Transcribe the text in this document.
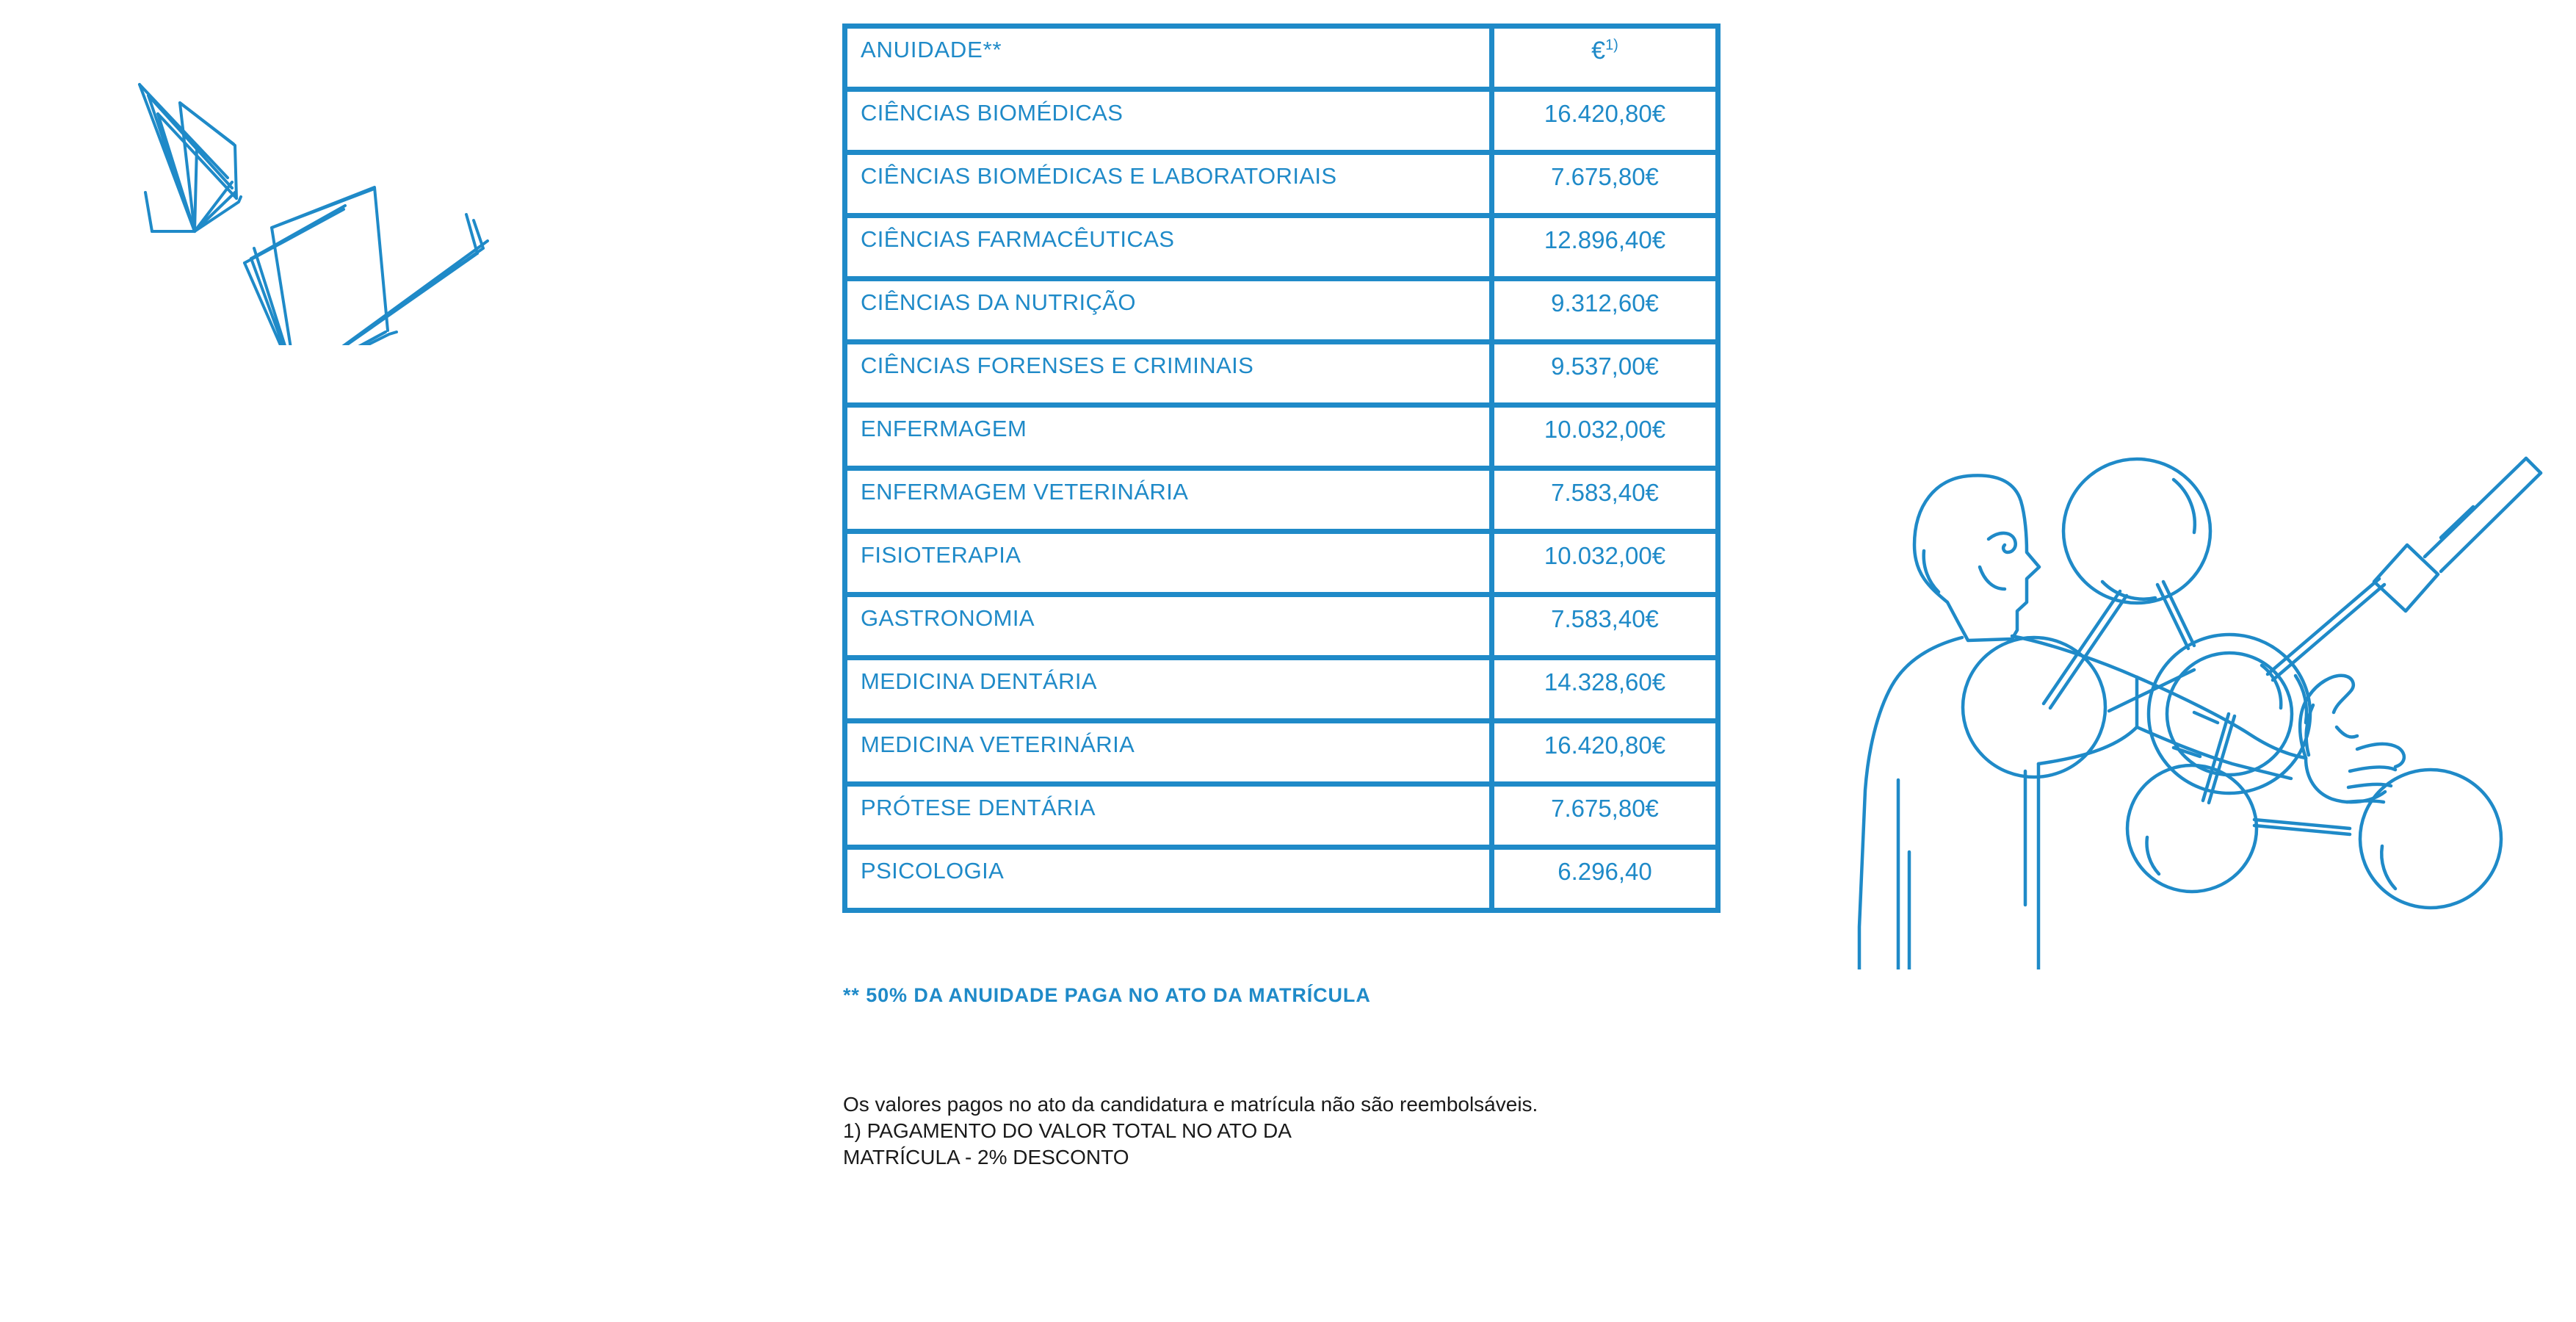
ANUIDADE**	€$^{1)}$
CIÊNCIAS BIOMÉDICAS	16.420,80€
CIÊNCIAS BIOMÉDICAS E LABORATORIAIS	7.675,80€
CIÊNCIAS FARMACÊUTICAS	12.896,40€
CIÊNCIAS DA NUTRIÇÃO	9.312,60€
CIÊNCIAS FORENSES E CRIMINAIS	9.537,00€
ENFERMAGEM	10.032,00€
ENFERMAGEM VETERINÁRIA	7.583,40€
FISIOTERAPIA	10.032,00€
GASTRONOMIA	7.583,40€
MEDICINA DENTÁRIA	14.328,60€
MEDICINA VETERINÁRIA	16.420,80€
PRÓTESE DENTÁRIA	7.675,80€
PSICOLOGIA	6.296,40
** 50% DA ANUIDADE PAGA NO ATO DA MATRÍCULA
Os valores pagos no ato da candidatura e matrícula não são reembolsáveis.
1) PAGAMENTO DO VALOR TOTAL NO ATO DA
MATRÍCULA - 2% DESCONTO
